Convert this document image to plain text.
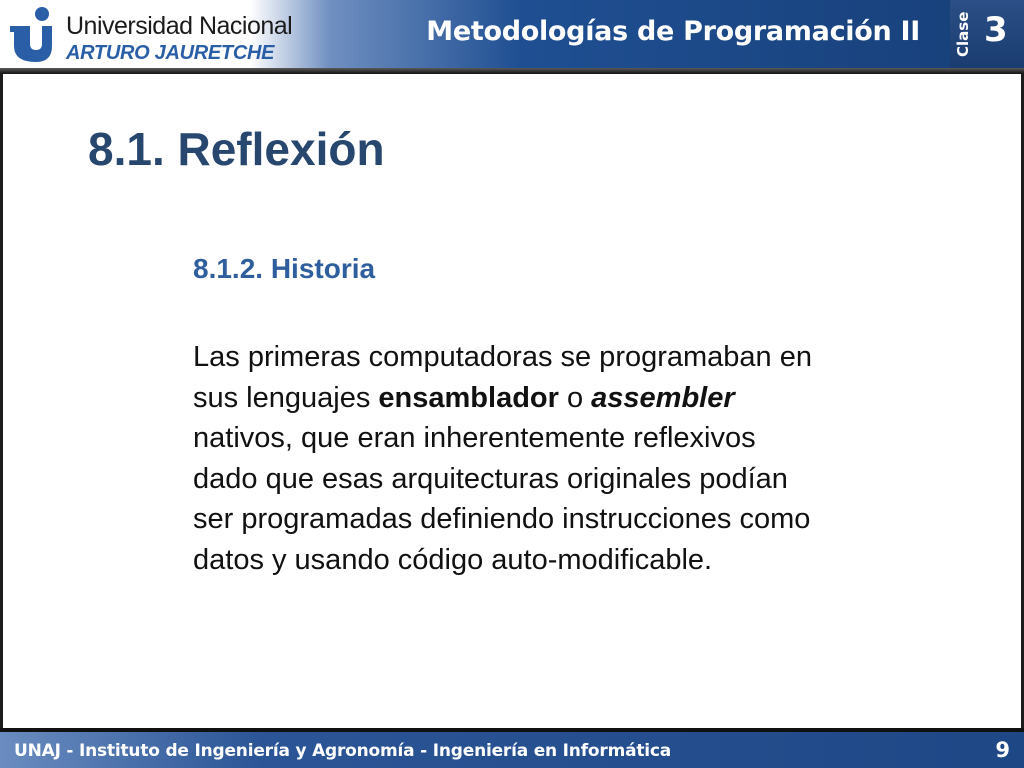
Universidad Nacional
ARTURO JAURETCHE
Metodologías de Programación II Clase 3
8.1. Reflexión
8.1.2. Historia
Las primeras computadoras se programaban en
sus lenguajes ensamblador o assembler
nativos, que eran inherentemente reflexivos
dado que esas arquitecturas originales podían
ser programadas definiendo instrucciones como
datos y usando código auto-modificable.
UNAJ - Instituto de Ingeniería y Agronomía - Ingeniería en Informática	9
